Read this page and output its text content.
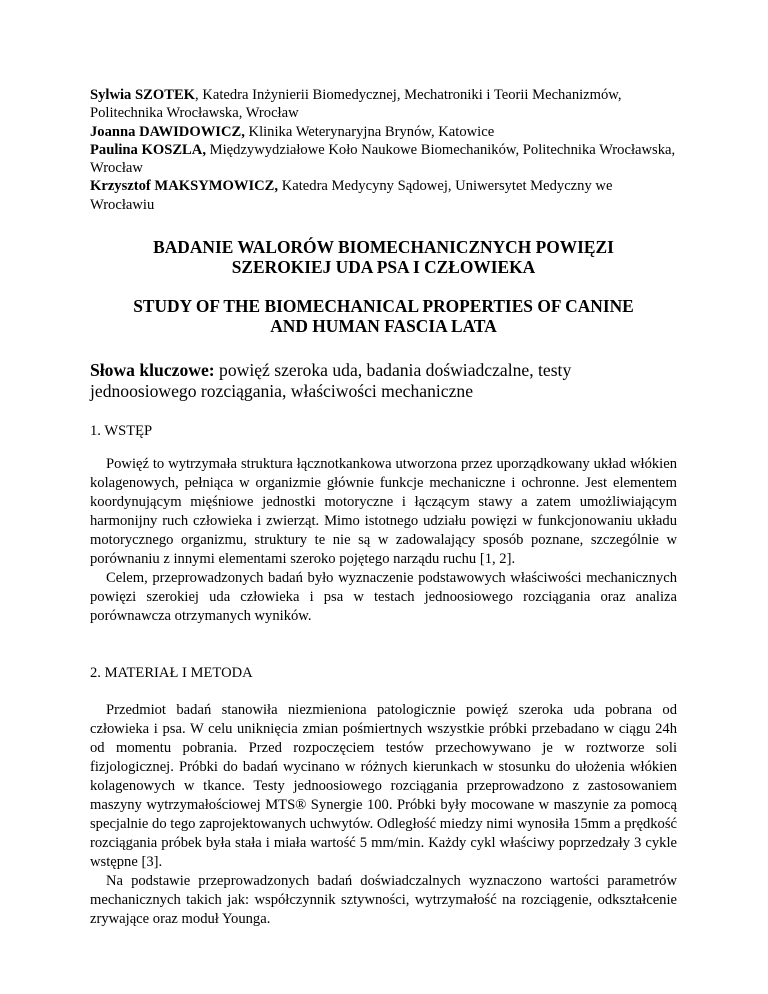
Sylwia SZOTEK, Katedra Inżynierii Biomedycznej, Mechatroniki i Teorii Mechanizmów, Politechnika Wrocławska, Wrocław
Joanna DAWIDOWICZ, Klinika Weterynaryjna Brynów, Katowice
Paulina KOSZLA, Międzywydziałowe Koło Naukowe Biomechaników, Politechnika Wrocławska, Wrocław
Krzysztof MAKSYMOWICZ, Katedra Medycyny Sądowej, Uniwersytet Medyczny we Wrocławiu
BADANIE WALORÓW BIOMECHANICZNYCH POWIĘZI
SZEROKIEJ UDA PSA I CZŁOWIEKA
STUDY OF THE BIOMECHANICAL PROPERTIES OF CANINE
AND HUMAN FASCIA LATA
Słowa kluczowe: powięź szeroka uda, badania doświadczalne, testy jednoosiowego rozciągania, właściwości mechaniczne
1. WSTĘP

Powięź to wytrzymała struktura łącznotkankowa utworzona przez uporządkowany układ włókien kolagenowych, pełniąca w organizmie głównie funkcje mechaniczne i ochronne. Jest elementem koordynującym mięśniowe jednostki motoryczne i łączącym stawy a zatem umożliwiającym harmonijny ruch człowieka i zwierząt. Mimo istotnego udziału powięzi w funkcjonowaniu układu motorycznego organizmu, struktury te nie są w zadowalający sposób poznane, szczególnie w porównaniu z innymi elementami szeroko pojętego narządu ruchu [1, 2].

Celem, przeprowadzonych badań było wyznaczenie podstawowych właściwości mechanicznych powięzi szerokiej uda człowieka i psa w testach jednoosiowego rozciągania oraz analiza porównawcza otrzymanych wyników.

2. MATERIAŁ I METODA

Przedmiot badań stanowiła niezmieniona patologicznie powięź szeroka uda pobrana od człowieka i psa. W celu uniknięcia zmian pośmiertnych wszystkie próbki przebadano w ciągu 24h od momentu pobrania. Przed rozpoczęciem testów przechowywano je w roztworze soli fizjologicznej. Próbki do badań wycinano w różnych kierunkach w stosunku do ułożenia włókien kolagenowych w tkance. Testy jednoosiowego rozciągania przeprowadzono z zastosowaniem maszyny wytrzymałościowej MTS® Synergie 100. Próbki były mocowane w maszynie za pomocą specjalnie do tego zaprojektowanych uchwytów. Odległość miedzy nimi wynosiła 15mm a prędkość rozciągania próbek była stała i miała wartość 5 mm/min. Każdy cykl właściwy poprzedzały 3 cykle wstępne [3].

Na podstawie przeprowadzonych badań doświadczalnych wyznaczono wartości parametrów mechanicznych takich jak: współczynnik sztywności, wytrzymałość na rozciągenie, odkształcenie zrywające oraz moduł Younga.
